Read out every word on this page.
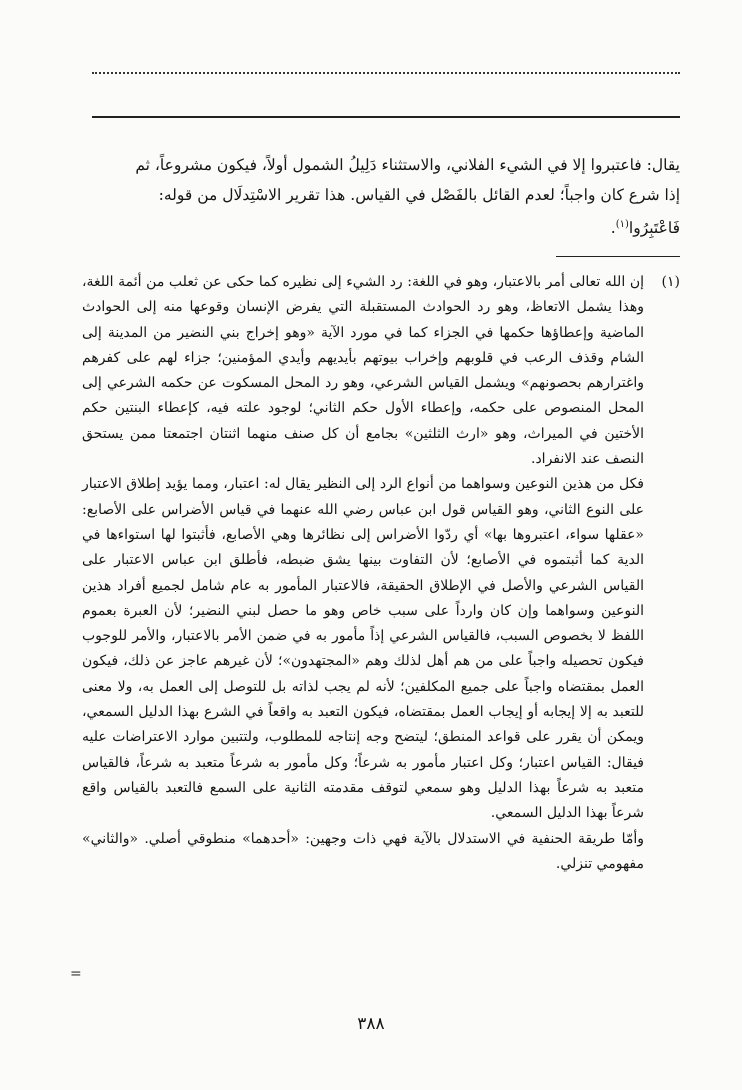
يقال: فاعتبروا إلا في الشيء الفلاني، والاستثناء دَلِيلُ الشمول أولاً، فيكون مشروعاً، ثم
إذا شرع كان واجباً؛ لعدم القائل بالفَصْل في القياس. هذا تقرير الاسْتِدلَال من قوله:
فَاعْتَبِرُوا$^{(١)}$.
(١)

إن الله تعالى أمر بالاعتبار، وهو في اللغة: رد الشيء إلى نظيره كما حكى عن ثعلب من أئمة اللغة، وهذا يشمل الاتعاظ، وهو رد الحوادث المستقبلة التي يفرض الإنسان وقوعها منه إلى الحوادث الماضية وإعطاؤها حكمها في الجزاء كما في مورد الآية «وهو إخراج بني النضير من المدينة إلى الشام وقذف الرعب في قلوبهم وإخراب بيوتهم بأيديهم وأيدي المؤمنين؛ جزاء لهم على كفرهم واغترارهم بحصونهم» ويشمل القياس الشرعي، وهو رد المحل المسكوت عن حكمه الشرعي إلى المحل المنصوص على حكمه، وإعطاء الأول حكم الثاني؛ لوجود علته فيه، كإعطاء البنتين حكم الأختين في الميراث، وهو «ارث الثلثين» بجامع أن كل صنف منهما اثنتان اجتمعتا ممن يستحق النصف عند الانفراد.

فكل من هذين النوعين وسواهما من أنواع الرد إلى النظير يقال له: اعتبار، ومما يؤيد إطلاق الاعتبار على النوع الثاني، وهو القياس قول ابن عباس رضي الله عنهما في قياس الأضراس على الأصابع: «عقلها سواء، اعتبروها بها» أي ردّوا الأضراس إلى نظائرها وهي الأصابع، فأثبتوا لها استواءها في الدية كما أثبتموه في الأصابع؛ لأن التفاوت بينها يشق ضبطه، فأطلق ابن عباس الاعتبار على القياس الشرعي والأصل في الإطلاق الحقيقة، فالاعتبار المأمور به عام شامل لجميع أفراد هذين النوعين وسواهما وإن كان وارداً على سبب خاص وهو ما حصل لبني النضير؛ لأن العبرة بعموم اللفظ لا بخصوص السبب، فالقياس الشرعي إذاً مأمور به في ضمن الأمر بالاعتبار، والأمر للوجوب فيكون تحصيله واجباً على من هم أهل لذلك وهم «المجتهدون»؛ لأن غيرهم عاجز عن ذلك، فيكون العمل بمقتضاه واجباً على جميع المكلفين؛ لأنه لم يجب لذاته بل للتوصل إلى العمل به، ولا معنى للتعبد به إلا إيجابه أو إيجاب العمل بمقتضاه، فيكون التعبد به واقعاً في الشرع بهذا الدليل السمعي، ويمكن أن يقرر على قواعد المنطق؛ ليتضح وجه إنتاجه للمطلوب، ولتتبين موارد الاعتراضات عليه فيقال: القياس اعتبار؛ وكل اعتبار مأمور به شرعاً؛ وكل مأمور به شرعاً متعبد به شرعاً، فالقياس متعبد به شرعاً بهذا الدليل وهو سمعي لتوقف مقدمته الثانية على السمع فالتعبد بالقياس واقع شرعاً بهذا الدليل السمعي.

وأمّا طريقة الحنفية في الاستدلال بالآية فهي ذات وجهين: «أحدهما» منطوقي أصلي. «والثاني» مفهومي تنزلي.

=
٣٨٨
